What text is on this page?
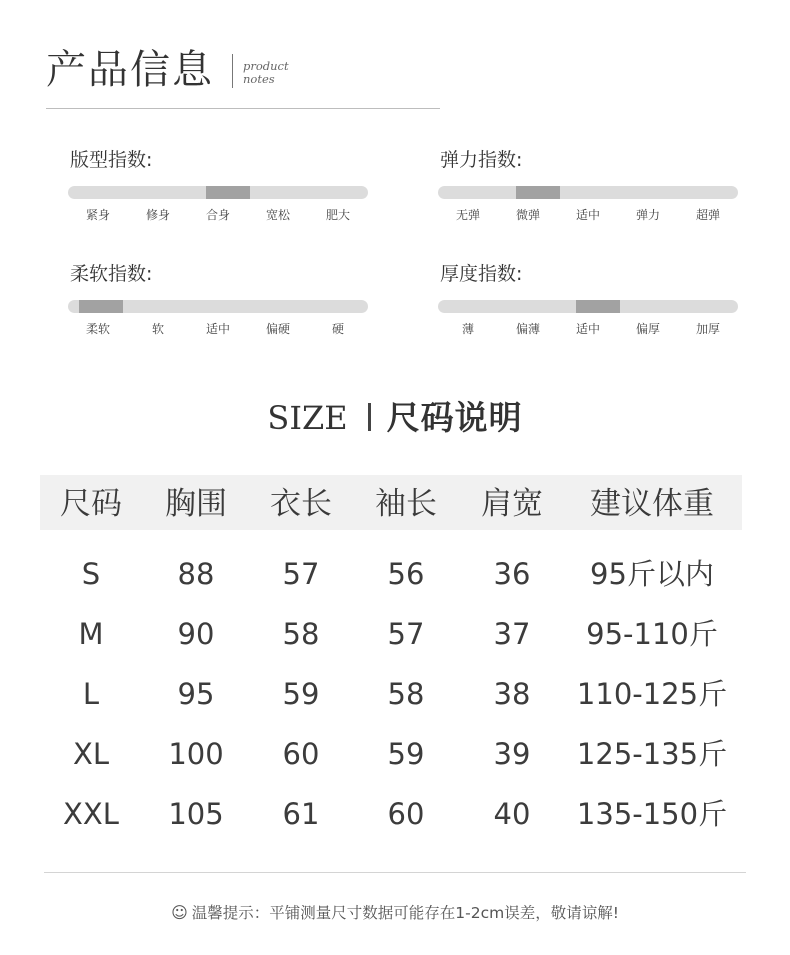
产品信息	product
notes
版型指数:
紧身	修身	合身	宽松	肥大
弹力指数:
无弹	微弹	适中	弹力	超弹
柔软指数:
柔软	软	适中	偏硬	硬
厚度指数:
薄	偏薄	适中	偏厚	加厚
SIZE 尺码说明
尺码 胸围 衣长 袖长 肩宽 建议体重
S	88 57 56 36 95斤以内
M	90 58 57 37 95-110斤
L	95 59 58 38 110-125斤
XL 100 60 59 39 125-135斤
XXL 105 61 60 40 135-150斤
☺ 温馨提示：平铺测量尺寸数据可能存在1-2cm误差，敬请谅解!
